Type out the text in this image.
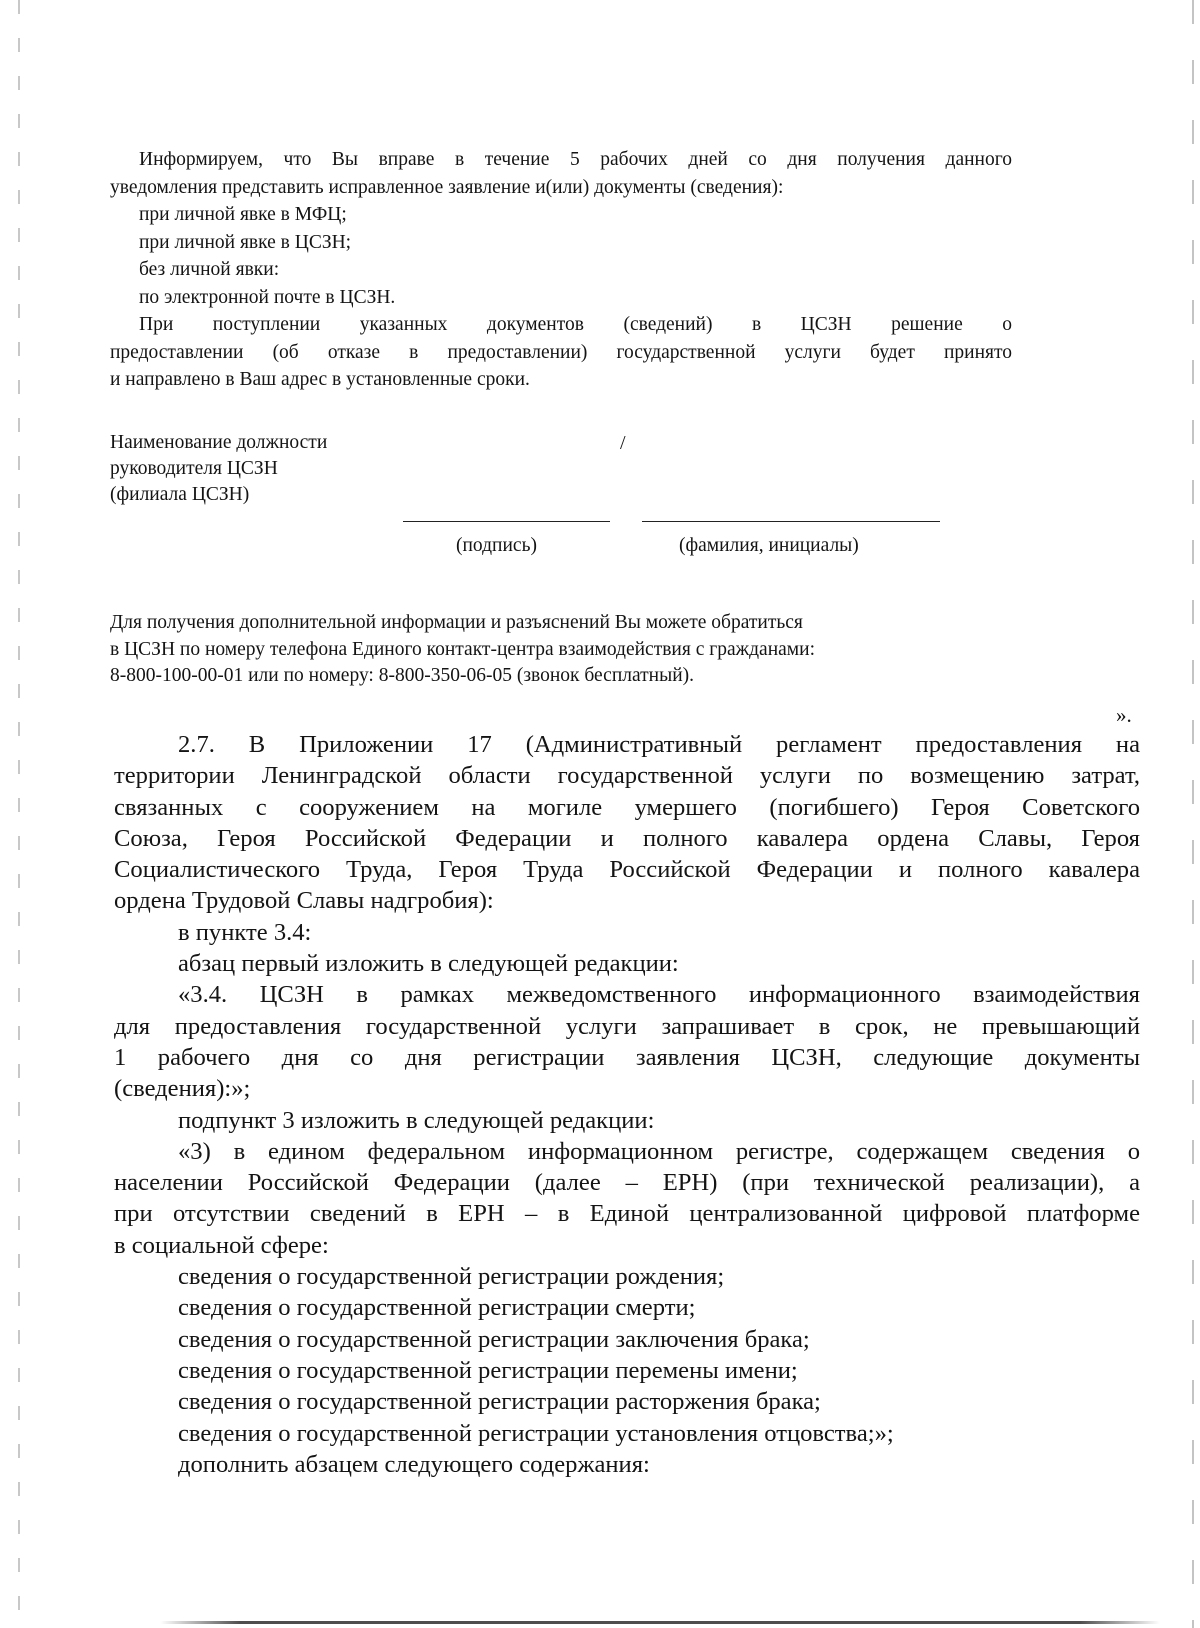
Информируем, что Вы вправе в течение 5 рабочих дней со дня получения данного

уведомления представить исправленное заявление и(или) документы (сведения):

при личной явке в МФЦ;

при личной явке в ЦСЗН;

без личной явки:

по электронной почте в ЦСЗН.

При поступлении указанных документов (сведений) в ЦСЗН решение о

предоставлении (об отказе в предоставлении) государственной услуги будет принято

и направлено в Ваш адрес в установленные сроки.

Наименование должности

руководителя ЦСЗН

(филиала ЦСЗН)

/
(подпись)	(фамилия, инициалы)

Для получения дополнительной информации и разъяснений Вы можете обратиться

в ЦСЗН по номеру телефона Единого контакт-центра взаимодействия с гражданами:

8-800-100-00-01 или по номеру: 8-800-350-06-05 (звонок бесплатный).

».

2.7. В Приложении 17 (Административный регламент предоставления на

территории Ленинградской области государственной услуги по возмещению затрат,

связанных с сооружением на могиле умершего (погибшего) Героя Советского

Союза, Героя Российской Федерации и полного кавалера ордена Славы, Героя

Социалистического Труда, Героя Труда Российской Федерации и полного кавалера

ордена Трудовой Славы надгробия):

в пункте 3.4:

абзац первый изложить в следующей редакции:

«3.4. ЦСЗН в рамках межведомственного информационного взаимодействия

для предоставления государственной услуги запрашивает в срок, не превышающий

1 рабочего дня со дня регистрации заявления ЦСЗН, следующие документы

(сведения):»;

подпункт 3 изложить в следующей редакции:

«3) в едином федеральном информационном регистре, содержащем сведения о

населении Российской Федерации (далее – ЕРН) (при технической реализации), а

при отсутствии сведений в ЕРН – в Единой централизованной цифровой платформе

в социальной сфере:

сведения о государственной регистрации рождения;

сведения о государственной регистрации смерти;

сведения о государственной регистрации заключения брака;

сведения о государственной регистрации перемены имени;

сведения о государственной регистрации расторжения брака;

сведения о государственной регистрации установления отцовства;»;

дополнить абзацем следующего содержания:
